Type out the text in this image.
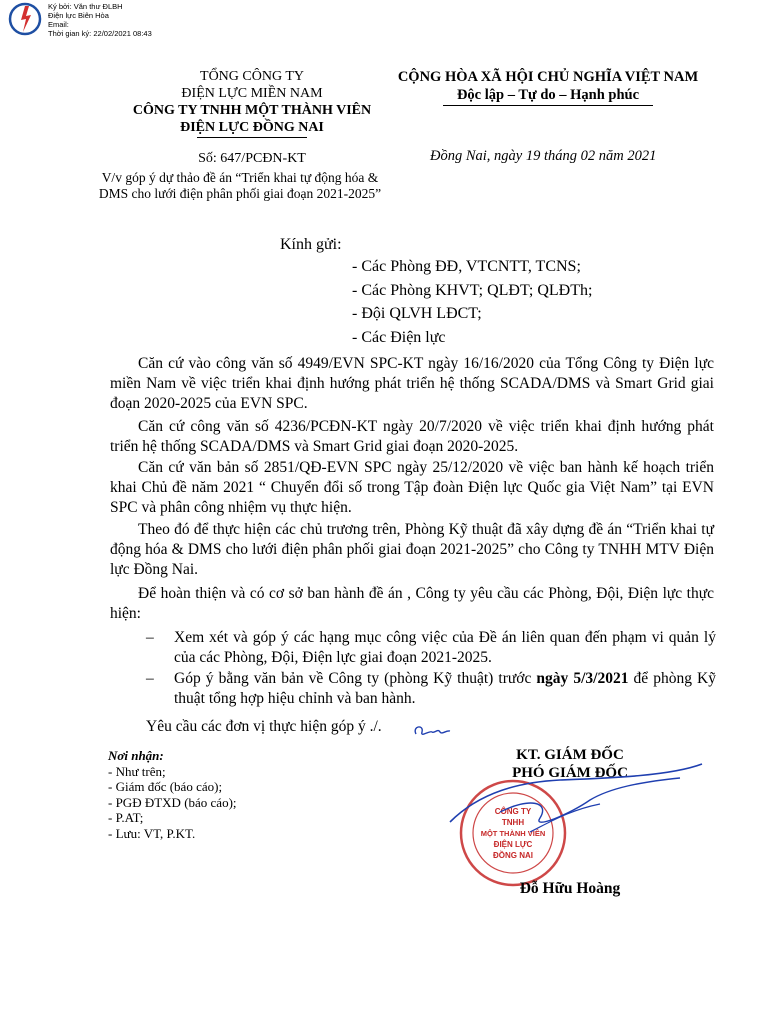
Ký bởi: Văn thư ĐLBH
Điện lực Biên Hòa
Email:
Thời gian ký: 22/02/2021 08:43
TỔNG CÔNG TY
ĐIỆN LỰC MIỀN NAM
CÔNG TY TNHH MỘT THÀNH VIÊN
ĐIỆN LỰC ĐỒNG NAI
Số: 647/PCĐN-KT
V/v góp ý dự thảo đề án “Triển khai tự động hóa & DMS cho lưới điện phân phối giai đoạn 2021-2025”
CỘNG HÒA XÃ HỘI CHỦ NGHĨA VIỆT NAM
Độc lập – Tự do – Hạnh phúc
Đồng Nai, ngày 19 tháng 02 năm 2021
Kính gửi:
- Các Phòng ĐĐ, VTCNTT, TCNS;
- Các Phòng KHVT; QLĐT; QLĐTh;
- Đội QLVH LĐCT;
- Các Điện lực
Căn cứ vào công văn số 4949/EVN SPC-KT ngày 16/16/2020 của Tổng Công ty Điện lực miền Nam về việc triển khai định hướng phát triển hệ thống SCADA/DMS và Smart Grid giai đoạn 2020-2025 của EVN SPC.
Căn cứ công văn số 4236/PCĐN-KT ngày 20/7/2020 về việc triển khai định hướng phát triển hệ thống SCADA/DMS và Smart Grid giai đoạn 2020-2025.
Căn cứ văn bản số 2851/QĐ-EVN SPC ngày 25/12/2020 về việc ban hành kế hoạch triển khai Chủ đề năm 2021 “ Chuyển đổi số trong Tập đoàn Điện lực Quốc gia Việt Nam” tại EVN SPC và phân công nhiệm vụ thực hiện.
Theo đó để thực hiện các chủ trương trên, Phòng Kỹ thuật đã xây dựng đề án “Triển khai tự động hóa & DMS cho lưới điện phân phối giai đoạn 2021-2025” cho Công ty TNHH MTV Điện lực Đồng Nai.
Để hoàn thiện và có cơ sở ban hành đề án , Công ty yêu cầu các Phòng, Đội, Điện lực thực hiện:
– Xem xét và góp ý các hạng mục công việc của Đề án liên quan đến phạm vi quản lý của các Phòng, Đội, Điện lực giai đoạn 2021-2025.
– Góp ý bằng văn bản về Công ty (phòng Kỹ thuật) trước ngày 5/3/2021 để phòng Kỹ thuật tổng hợp hiệu chỉnh và ban hành.
Yêu cầu các đơn vị thực hiện góp ý ./.
Nơi nhận:
- Như trên;
- Giám đốc (báo cáo);
- PGĐ ĐTXD (báo cáo);
- P.AT;
- Lưu: VT, P.KT.
KT. GIÁM ĐỐC
PHÓ GIÁM ĐỐC
CÔNG TY
TNHH
MỘT THÀNH VIÊN
ĐIỆN LỰC
ĐỒNG NAI
Đỗ Hữu Hoàng
